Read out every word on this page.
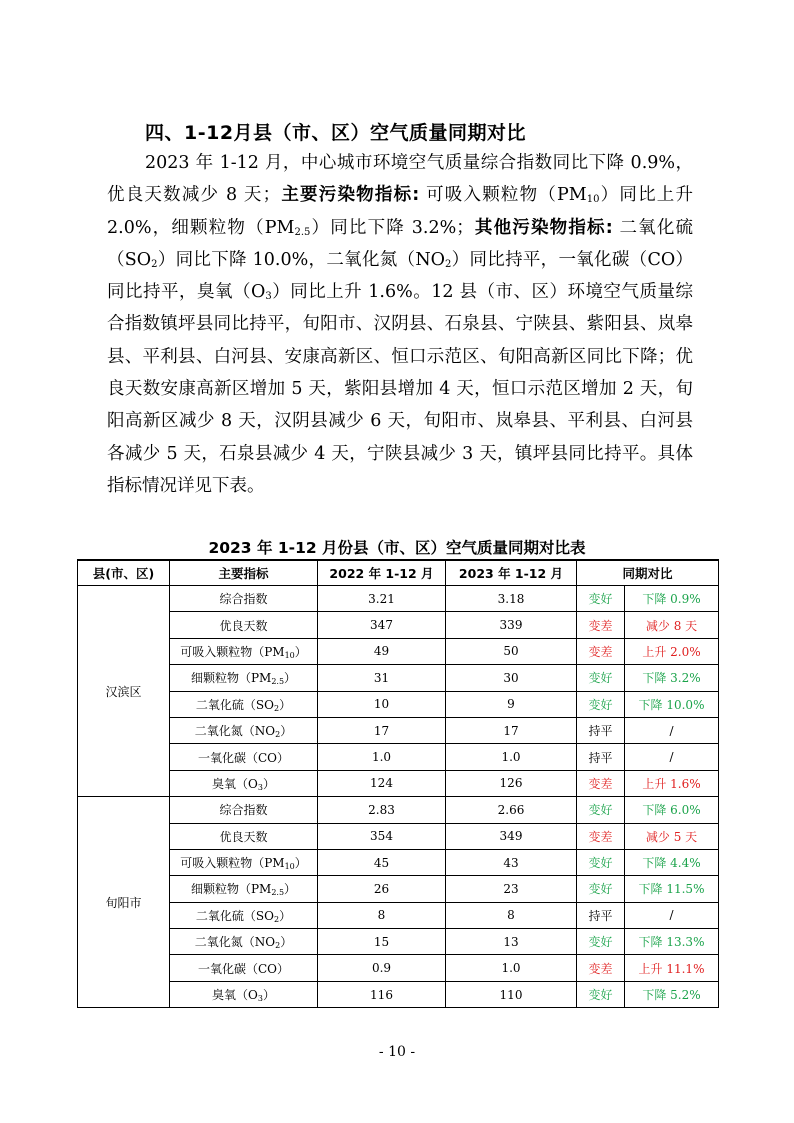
四、1-12月县（市、区）空气质量同期对比
2023 年 1-12 月，中心城市环境空气质量综合指数同比下降 0.9%，优良天数减少 8 天；主要污染物指标: 可吸入颗粒物$(PM_{10})$同比上升 2.0%，细颗粒物$(PM_{2.5})$同比下降 3.2%；其他污染物指标: 二氧化硫$(SO_2)$同比下降 10.0%，二氧化氮$(NO_2)$同比持平，一氧化碳（CO）同比持平，臭氧$(O_3)$同比上升 1.6%。12 县（市、区）环境空气质量综合指数镇坪县同比持平，旬阳市、汉阴县、石泉县、宁陕县、紫阳县、岚皋县、平利县、白河县、安康高新区、恒口示范区、旬阳高新区同比下降；优良天数安康高新区增加 5 天，紫阳县增加 4 天，恒口示范区增加 2 天，旬阳高新区减少 8 天，汉阴县减少 6 天，旬阳市、岚皋县、平利县、白河县各减少 5 天，石泉县减少 4 天，宁陕县减少 3 天，镇坪县同比持平。具体指标情况详见下表。
2023 年 1-12 月份县（市、区）空气质量同期对比表
县(市、区)	主要指标	2022 年 1-12 月	2023 年 1-12 月	同期对比	
汉滨区	综合指数	3.21	3.18	变好	下降 0.9%
	优良天数	347	339	变差	减少 8 天
	可吸入颗粒物（PM10）	49	50	变差	上升 2.0%
	细颗粒物（PM2.5）	31	30	变好	下降 3.2%
	二氧化硫（SO2）	10	9	变好	下降 10.0%
	二氧化氮（NO2）	17	17	持平	/
	一氧化碳（CO）	1.0	1.0	持平	/
	臭氧（O3）	124	126	变差	上升 1.6%
旬阳市	综合指数	2.83	2.66	变好	下降 6.0%
	优良天数	354	349	变差	减少 5 天
	可吸入颗粒物（PM10）	45	43	变好	下降 4.4%
	细颗粒物（PM2.5）	26	23	变好	下降 11.5%
	二氧化硫（SO2）	8	8	持平	/
	二氧化氮（NO2）	15	13	变好	下降 13.3%
	一氧化碳（CO）	0.9	1.0	变差	上升 11.1%
	臭氧（O3）	116	110	变好	下降 5.2%
- 10 -
